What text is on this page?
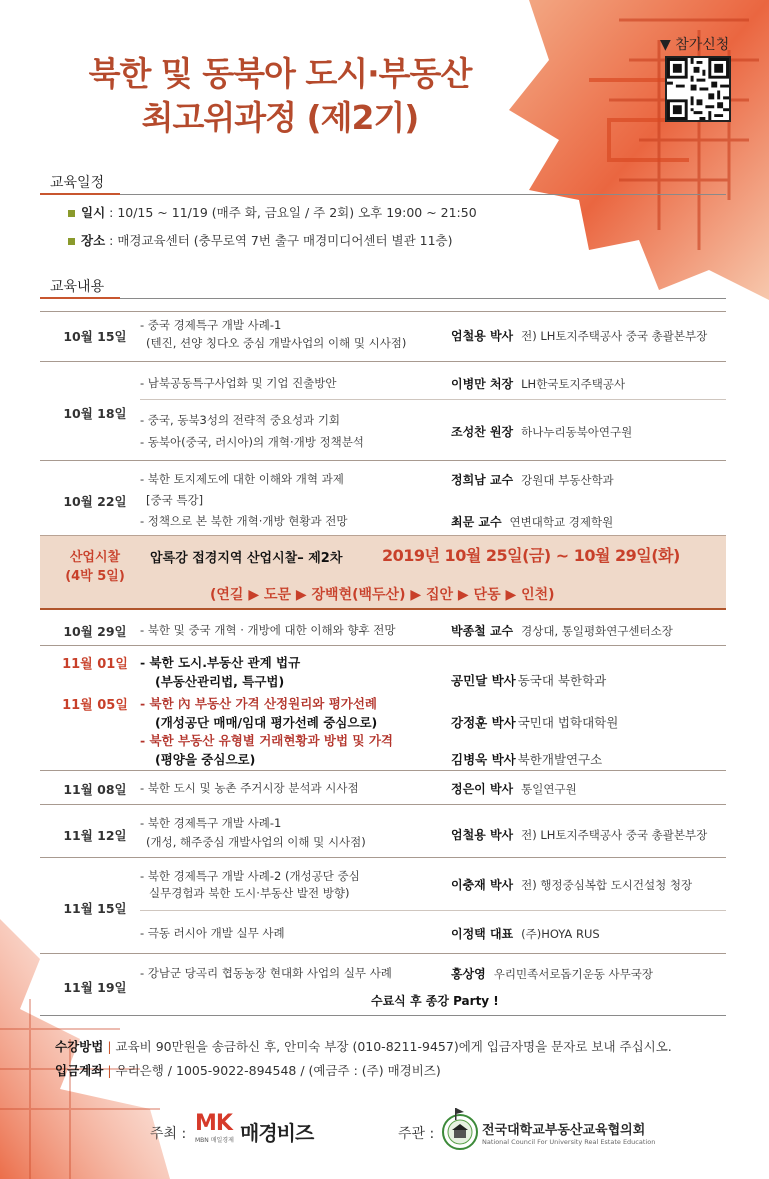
북한 및 동북아 도시·부동산
최고위과정 (제2기)
▼ 참가신청
교육일정
일시 : 10/15 ~ 11/19 (매주 화, 금요일 / 주 2회) 오후 19:00 ~ 21:50
장소 : 매경교육센터 (충무로역 7번 출구 매경미디어센터 별관 11층)
교육내용
10월 15일
- 중국 경제특구 개발 사례-1
(텐진, 션양 칭다오 중심 개발사업의 이해 및 시사점)	엄철용 박사 전) LH토지주택공사 중국 총괄본부장
10월 18일
- 남북공동특구사업화 및 기업 진출방안	이병만 처장 LH한국토지주택공사
- 중국, 동북3성의 전략적 중요성과 기회
- 동북아(중국, 러시아)의 개혁·개방 정책분석
조성찬 원장 하나누리동북아연구원
10월 22일
- 북한 토지제도에 대한 이해와 개혁 과제
[중국 특강]
- 정책으로 본 북한 개혁·개방 현황과 전망
정희남 교수 강원대 부동산학과
최문 교수 연변대학교 경제학원
산업시찰
(4박 5일)
압록강 접경지역 산업시찰– 제2차 2019년 10월 25일(금) ~ 10월 29일(화)
(연길 ▶ 도문 ▶ 장백현(백두산) ▶ 집안 ▶ 단동 ▶ 인천)
10월 29일	- 북한 및 중국 개혁 · 개방에 대한 이해와 향후 전망	박종철 교수 경상대, 통일평화연구센터소장
11월 01일 - 북한 도시.부동산 관계 법규
(부동산관리법, 특구법)	공민달 박사 동국대 북한학과
11월 05일 - 북한 內 부동산 가격 산정원리와 평가선례
(개성공단 매매/임대 평가선례 중심으로)	강정훈 박사 국민대 법학대학원
- 북한 부동산 유형별 거래현황과 방법 및 가격
(평양을 중심으로)	김병욱 박사 북한개발연구소
11월 08일	- 북한 도시 및 농촌 주거시장 분석과 시사점	정은이 박사 통일연구원
11월 12일
- 북한 경제특구 개발 사례-1
(개성, 해주중심 개발사업의 이해 및 시사점)	엄철용 박사 전) LH토지주택공사 중국 총괄본부장
11월 15일
- 북한 경제특구 개발 사례-2 (개성공단 중심
실무경험과 북한 도시·부동산 발전 방향)
이충재 박사 전) 행정중심복합 도시건설청 청장
- 극동 러시아 개발 실무 사례	이정택 대표 (주)HOYA RUS
11월 19일
- 강남군 당곡리 협동농장 현대화 사업의 실무 사례	홍상영 우리민족서로돕기운동 사무국장
수료식 후 종강 Party !
수강방법 | 교육비 90만원을 송금하신 후, 안미숙 부장 (010-8211-9457)에게 입금자명을 문자로 보내 주십시오.
입금계좌 | 우리은행 / 1005-9022-894548 / (예금주 : (주) 매경비즈)
주최 : MK
MBN 매일경제 매경비즈	주관 :	전국대학교부동산교육협의회
National Council For University Real Estate Education
